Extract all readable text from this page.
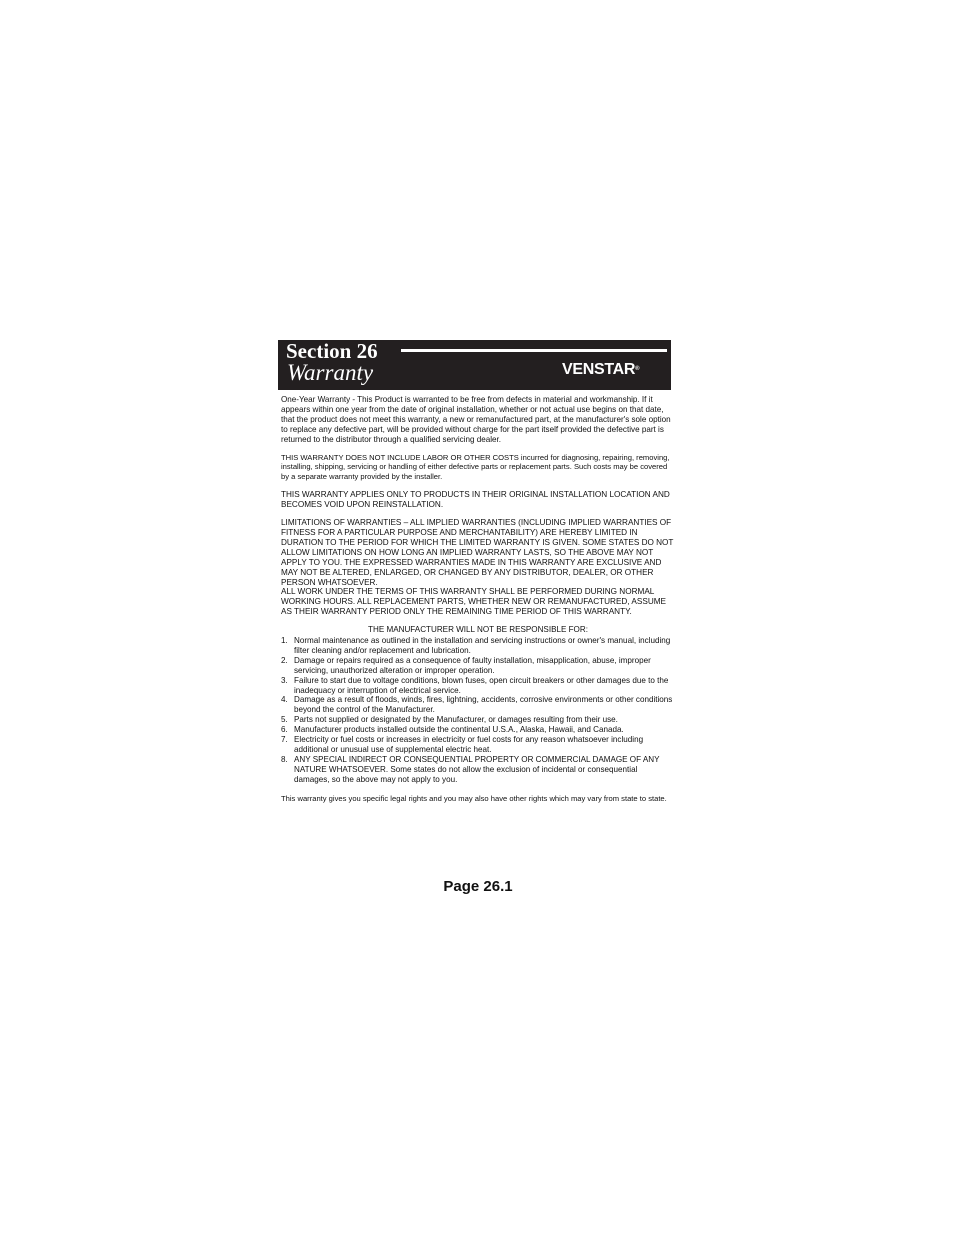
Section 26
Warranty	VENSTAR®

One-Year Warranty - This Product is warranted to be free from defects in material and workmanship. If it appears within one year from the date of original installation, whether or not actual use begins on that date, that the product does not meet this warranty, a new or remanufactured part, at the manufacturer's sole option to replace any defective part, will be provided without charge for the part itself provided the defective part is returned to the distributor through a qualified servicing dealer.

THIS WARRANTY DOES NOT INCLUDE LABOR OR OTHER COSTS incurred for diagnosing, repairing, removing, installing, shipping, servicing or handling of either defective parts or replacement parts. Such costs may be covered by a separate warranty provided by the installer.

THIS WARRANTY APPLIES ONLY TO PRODUCTS IN THEIR ORIGINAL INSTALLATION LOCATION AND BECOMES VOID UPON REINSTALLATION.

LIMITATIONS OF WARRANTIES – ALL IMPLIED WARRANTIES (INCLUDING IMPLIED WARRANTIES OF FITNESS FOR A PARTICULAR PURPOSE AND MERCHANTABILITY) ARE HEREBY LIMITED IN DURATION TO THE PERIOD FOR WHICH THE LIMITED WARRANTY IS GIVEN. SOME STATES DO NOT ALLOW LIMITATIONS ON HOW LONG AN IMPLIED WARRANTY LASTS, SO THE ABOVE MAY NOT APPLY TO YOU. THE EXPRESSED WARRANTIES MADE IN THIS WARRANTY ARE EXCLUSIVE AND MAY NOT BE ALTERED, ENLARGED, OR CHANGED BY ANY DISTRIBUTOR, DEALER, OR OTHER PERSON WHATSOEVER.

ALL WORK UNDER THE TERMS OF THIS WARRANTY SHALL BE PERFORMED DURING NORMAL WORKING HOURS. ALL REPLACEMENT PARTS, WHETHER NEW OR REMANUFACTURED, ASSUME AS THEIR WARRANTY PERIOD ONLY THE REMAINING TIME PERIOD OF THIS WARRANTY.

THE MANUFACTURER WILL NOT BE RESPONSIBLE FOR:
1. Normal maintenance as outlined in the installation and servicing instructions or owner's manual, including filter cleaning and/or replacement and lubrication.
2. Damage or repairs required as a consequence of faulty installation, misapplication, abuse, improper servicing, unauthorized alteration or improper operation.
3. Failure to start due to voltage conditions, blown fuses, open circuit breakers or other damages due to the inadequacy or interruption of electrical service.
4. Damage as a result of floods, winds, fires, lightning, accidents, corrosive environments or other conditions beyond the control of the Manufacturer.
5. Parts not supplied or designated by the Manufacturer, or damages resulting from their use.
6. Manufacturer products installed outside the continental U.S.A., Alaska, Hawaii, and Canada.
7. Electricity or fuel costs or increases in electricity or fuel costs for any reason whatsoever including additional or unusual use of supplemental electric heat.
8. ANY SPECIAL INDIRECT OR CONSEQUENTIAL PROPERTY OR COMMERCIAL DAMAGE OF ANY NATURE WHATSOEVER. Some states do not allow the exclusion of incidental or consequential damages, so the above may not apply to you.

This warranty gives you specific legal rights and you may also have other rights which may vary from state to state.

Page 26.1
